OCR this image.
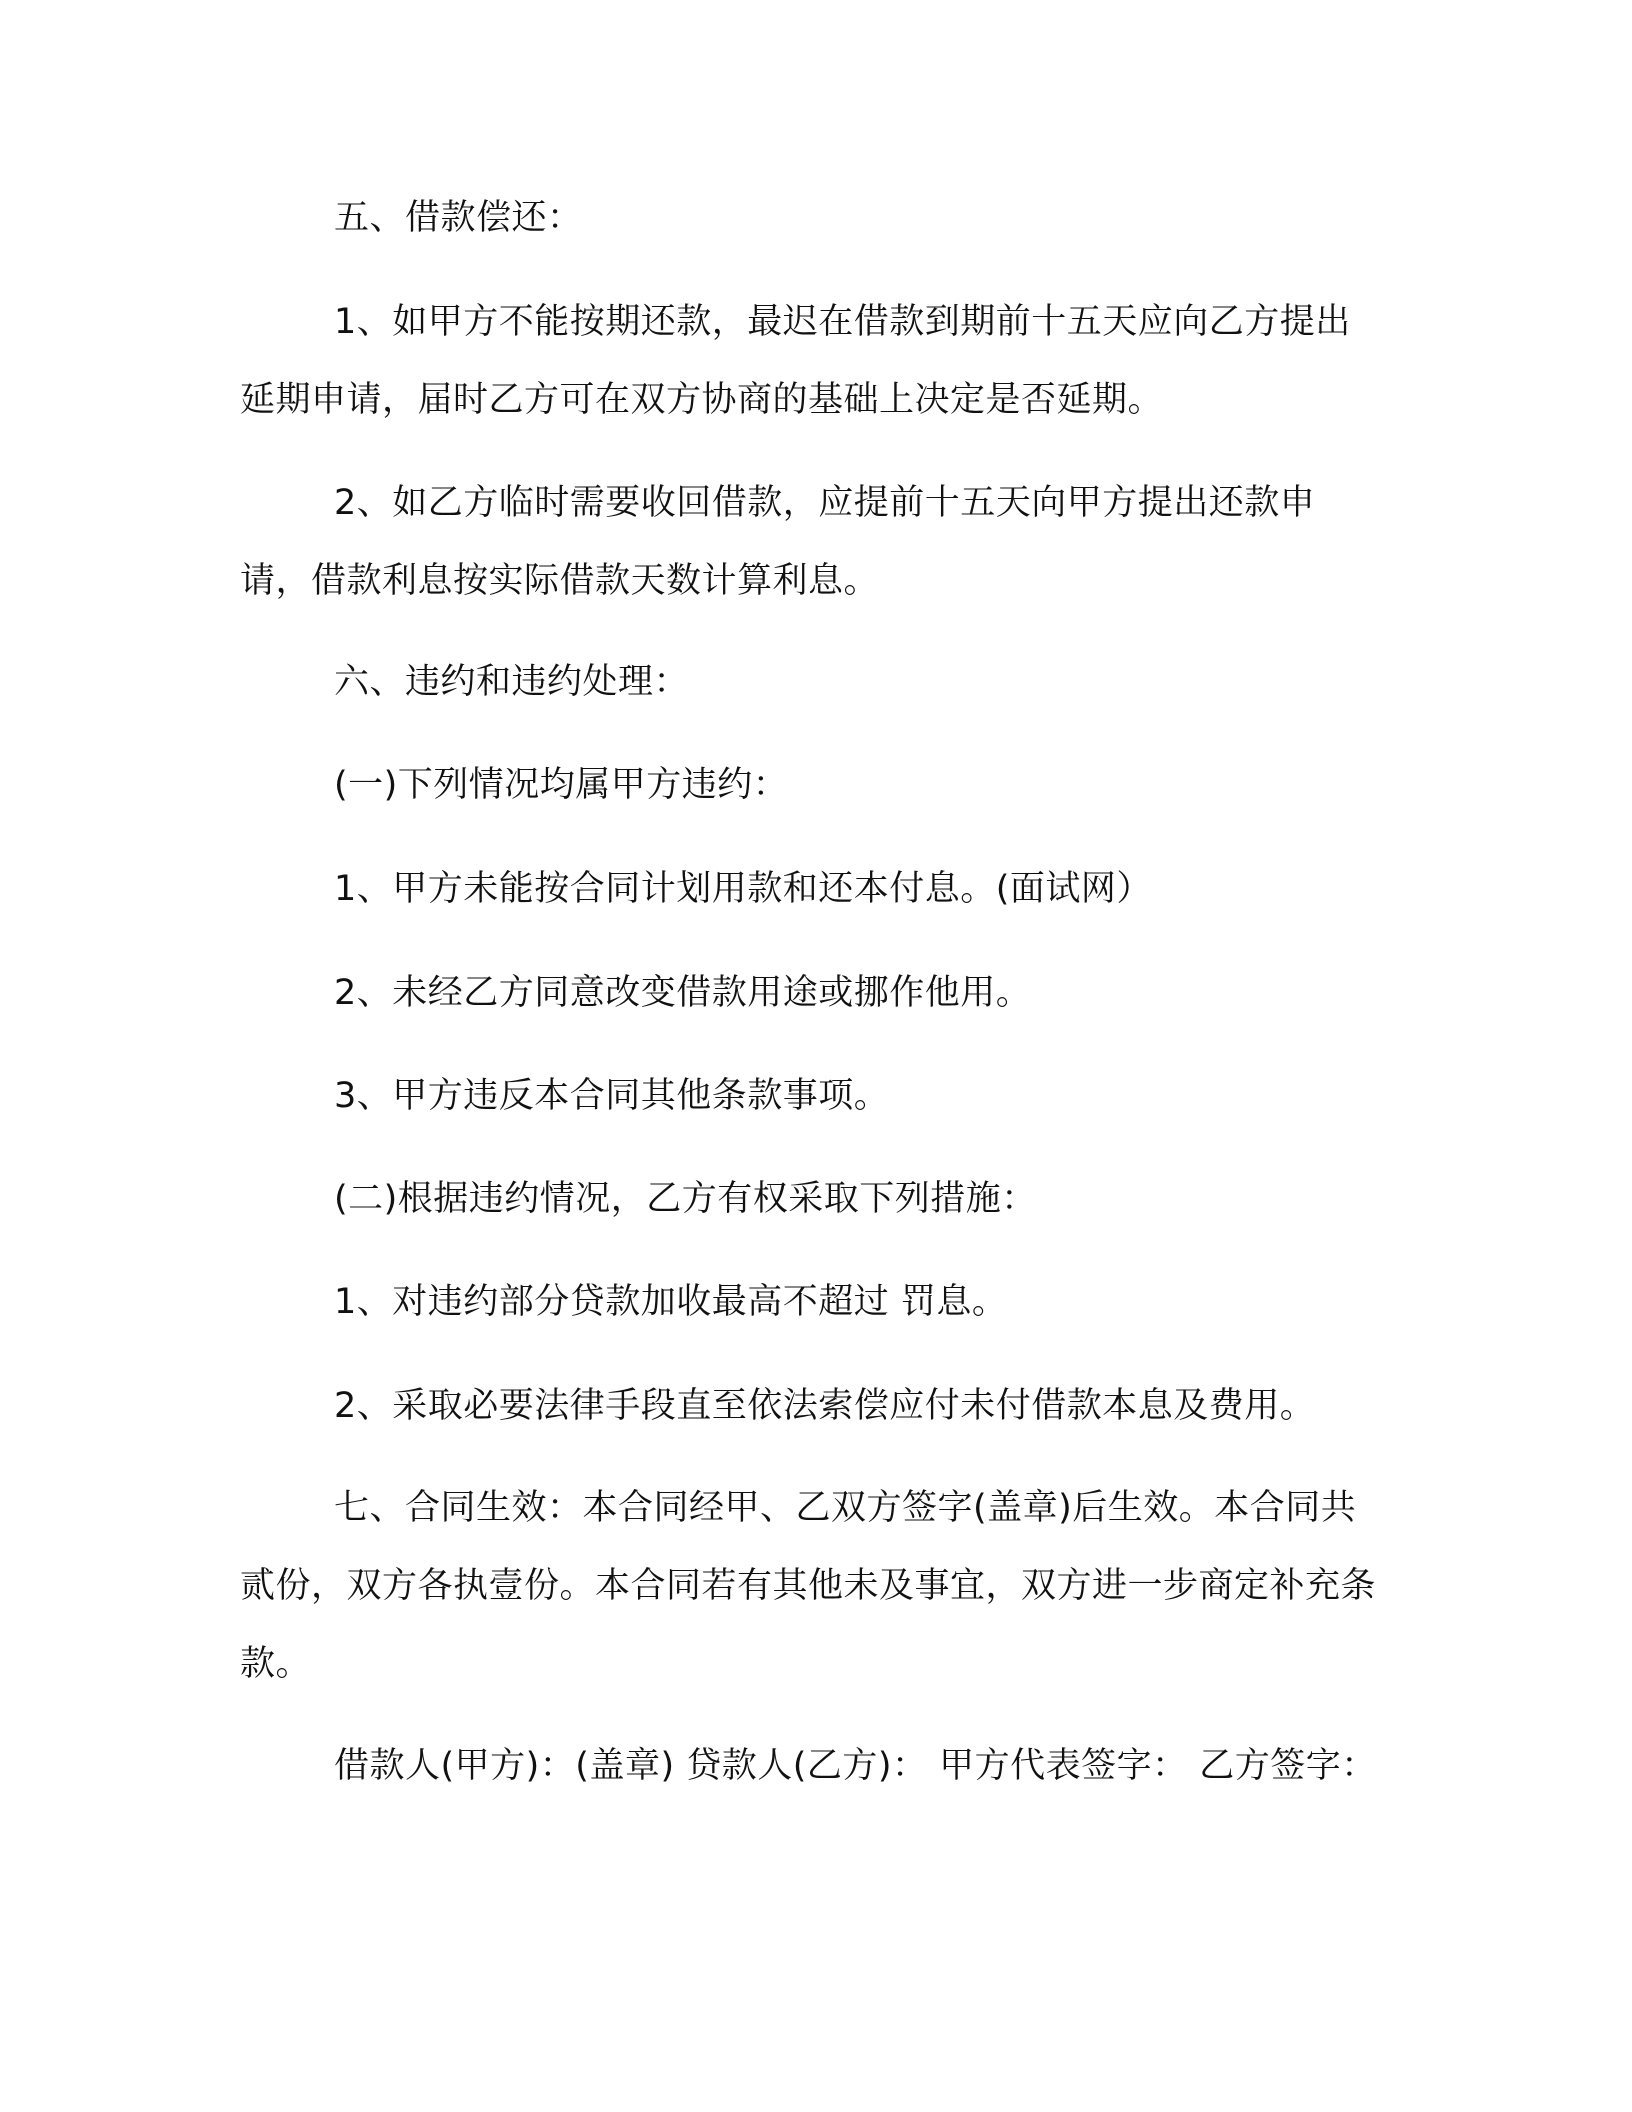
五、借款偿还：

1、如甲方不能按期还款，最迟在借款到期前十五天应向乙方提出延期申请，届时乙方可在双方协商的基础上决定是否延期。

2、如乙方临时需要收回借款，应提前十五天向甲方提出还款申请，借款利息按实际借款天数计算利息。

六、违约和违约处理：

(一)下列情况均属甲方违约：

1、甲方未能按合同计划用款和还本付息。(面试网）

2、未经乙方同意改变借款用途或挪作他用。

3、甲方违反本合同其他条款事项。

(二)根据违约情况，乙方有权采取下列措施：

1、对违约部分贷款加收最高不超过 罚息。

2、采取必要法律手段直至依法索偿应付未付借款本息及费用。

七、合同生效：本合同经甲、乙双方签字(盖章)后生效。本合同共贰份，双方各执壹份。本合同若有其他未及事宜，双方进一步商定补充条款。

借款人(甲方)：(盖章) 贷款人(乙方)： 甲方代表签字： 乙方签字：
